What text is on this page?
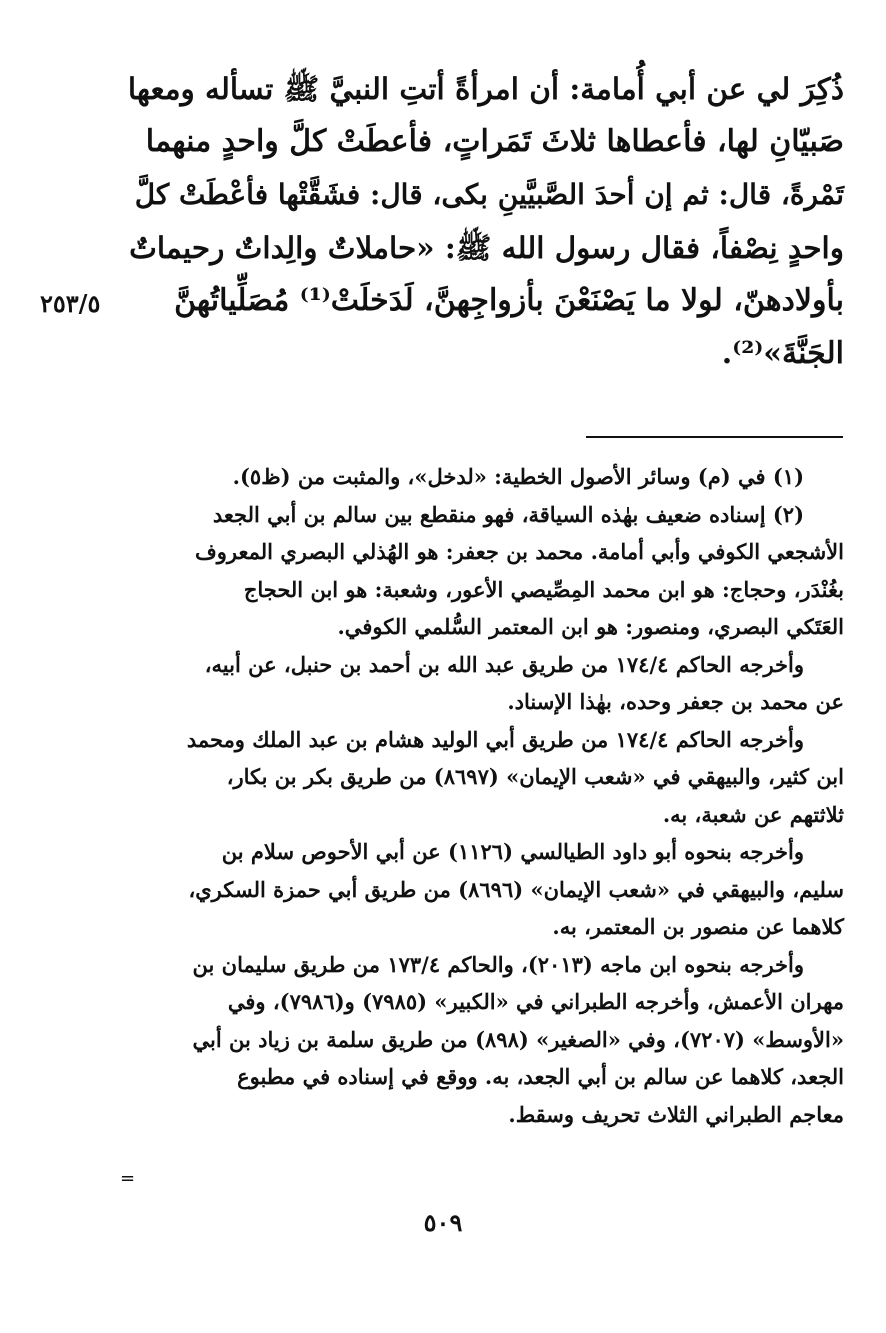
ذُكِرَ لي عن أبي أُمامة: أن امرأةً أتتِ النبيَّ ﷺ تسأله ومعها
صَبيّانِ لها، فأعطاها ثلاثَ تَمَراتٍ، فأعطَتْ كلَّ واحدٍ منهما
تَمْرةً، قال: ثم إن أحدَ الصَّبيَّينِ بكى، قال: فشَقَّتْها فأعْطَتْ كلَّ
واحدٍ نِصْفاً، فقال رسول الله ﷺ: «حاملاتٌ والِداتٌ رحيماتٌ
بأولادهنّ، لولا ما يَصْنَعْنَ بأزواجِهنَّ، لَدَخلَتْ⁽¹⁾ مُصَلِّياتُهنَّ
الجَنَّةَ»⁽²⁾.
٢٥٣/٥
(١) في (م) وسائر الأصول الخطية: «لدخل»، والمثبت من (ظ٥).
(٢) إسناده ضعيف بهٰذه السياقة، فهو منقطع بين سالم بن أبي الجعد
الأشجعي الكوفي وأبي أمامة. محمد بن جعفر: هو الهُذلي البصري المعروف
بغُنْدَر، وحجاج: هو ابن محمد المِصِّيصي الأعور، وشعبة: هو ابن الحجاج
العَتَكي البصري، ومنصور: هو ابن المعتمر السُّلمي الكوفي.
وأخرجه الحاكم ١٧٤/٤ من طريق عبد الله بن أحمد بن حنبل، عن أبيه،
عن محمد بن جعفر وحده، بهٰذا الإسناد.
وأخرجه الحاكم ١٧٤/٤ من طريق أبي الوليد هشام بن عبد الملك ومحمد
ابن كثير، والبيهقي في «شعب الإيمان» (٨٦٩٧) من طريق بكر بن بكار،
ثلاثتهم عن شعبة، به.
وأخرجه بنحوه أبو داود الطيالسي (١١٢٦) عن أبي الأحوص سلام بن
سليم، والبيهقي في «شعب الإيمان» (٨٦٩٦) من طريق أبي حمزة السكري،
كلاهما عن منصور بن المعتمر، به.
وأخرجه بنحوه ابن ماجه (٢٠١٣)، والحاكم ١٧٣/٤ من طريق سليمان بن
مهران الأعمش، وأخرجه الطبراني في «الكبير» (٧٩٨٥) و(٧٩٨٦)، وفي
«الأوسط» (٧٢٠٧)، وفي «الصغير» (٨٩٨) من طريق سلمة بن زياد بن أبي
الجعد، كلاهما عن سالم بن أبي الجعد، به. ووقع في إسناده في مطبوع
معاجم الطبراني الثلاث تحريف وسقط.
=
٥٠٩
